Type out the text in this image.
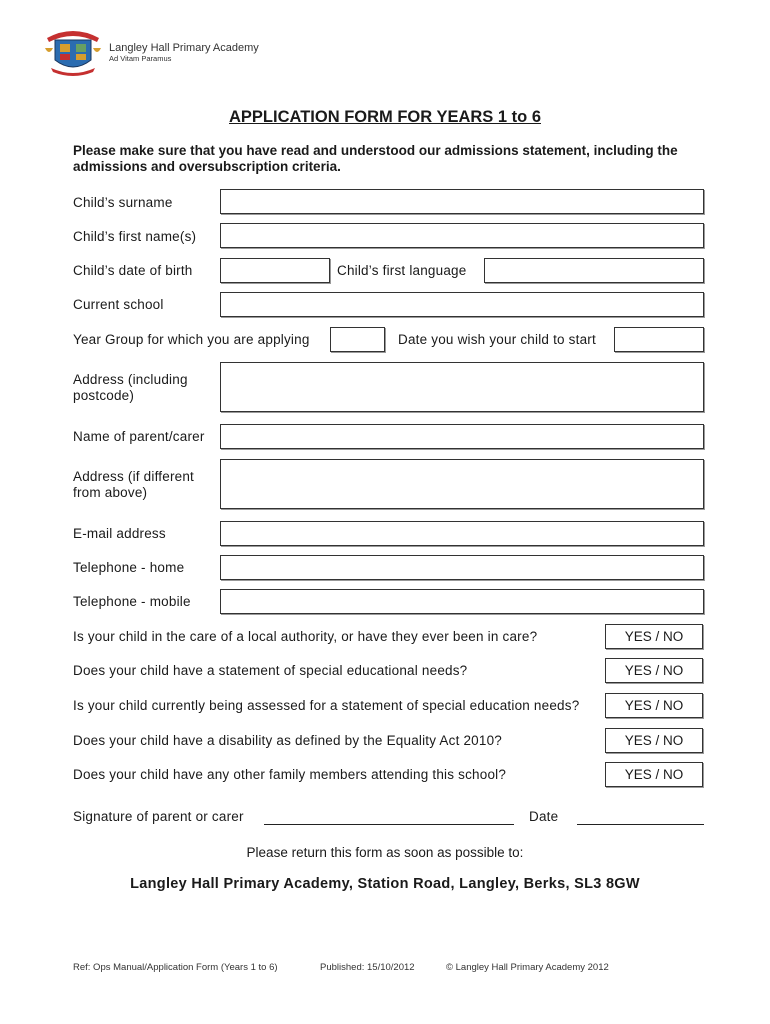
Langley Hall Primary Academy
Ad Vitam Paramus
APPLICATION FORM FOR YEARS 1 to 6
Please make sure that you have read and understood our admissions statement, including the admissions and oversubscription criteria.
Child’s surname
Child’s first name(s)
Child’s date of birth	Child’s first language
Current school
Year Group for which you are applying	Date you wish your child to start
Address (including
postcode)
Name of parent/carer
Address (if different
from above)
E-mail address
Telephone - home
Telephone - mobile
Is your child in the care of a local authority, or have they ever been in care?	YES / NO
Does your child have a statement of special educational needs?	YES / NO
Is your child currently being assessed for a statement of special education needs?	YES / NO
Does your child have a disability as defined by the Equality Act 2010?	YES / NO
Does your child have any other family members attending this school?	YES / NO
Signature of parent or carer	Date
Please return this form as soon as possible to:
Langley Hall Primary Academy, Station Road, Langley, Berks, SL3 8GW
Ref: Ops Manual/Application Form (Years 1 to 6)	Published: 15/10/2012	© Langley Hall Primary Academy 2012
